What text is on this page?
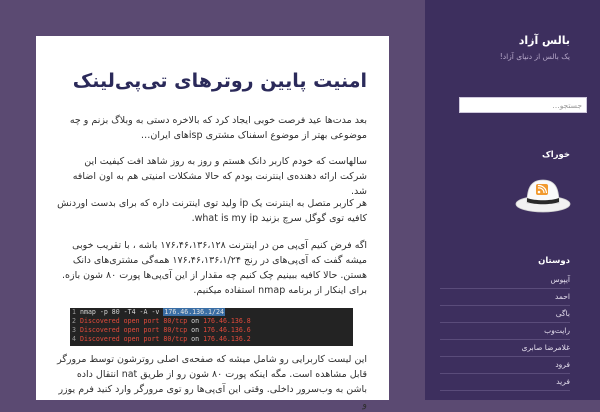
امنیت پایین روترهای تی‌پی‌لینک

بعد مدت‌ها عید فرصت خوبی ایجاد کرد که بالاخره دستی به وبلاگ بزنم و چه موضوعی بهتر از موضوع اسفناک مشتری ispهای ایران…

سالهاست که خودم کاربر دانک هستم و روز به روز شاهد افت کیفیت این شرکت ارائه دهنده‌ی اینترنت بودم که حالا مشکلات امنیتی هم به اون اضافه شد.

هر کاربر متصل به اینترنت یک ip ولید توی اینترنت داره که برای بدست اوردنش کافیه توی گوگل سرچ بزنید what is my ip.

اگه فرض کنیم آی‌پی من در اینترنت ۱۷۶،۴۶،۱۳۶،۱۲۸ باشه ، با تقریب خوبی میشه گفت که آی‌پی‌های در رنج ۱۷۶،۴۶،۱۳۶،۱/۲۴ همه‌گی مشتری‌های دانک هستن. حالا کافیه ببینیم چک کنیم چه مقدار از این آی‌پی‌ها پورت ۸۰ شون بازه. برای اینکار از برنامه nmap استفاده میکنیم.

1 nmap -p 80 -T4 -A -v 176.46.136.1/24
2 Discovered open port 80/tcp on 176.46.136.8
3 Discovered open port 80/tcp on 176.46.136.6
4 Discovered open port 80/tcp on 176.46.136.2

این لیست کاربرایی رو شامل میشه که صفحه‌ی اصلی روترشون توسط مرورگر قابل مشاهده است. مگه اینکه پورت ۸۰ شون رو از طریق nat انتقال داده باشن به وب‌سرور داخلی. وقتی این آی‌پی‌ها رو توی مرورگر وارد کنید فرم یوزر و

بالس آزاد

یک بالس از دنیای آزاد!

جستجو…
خوراک
دوستان
آیپوس
احمد
باگی
رایت‌وب
غلامرضا صابری
فرود
فرید
